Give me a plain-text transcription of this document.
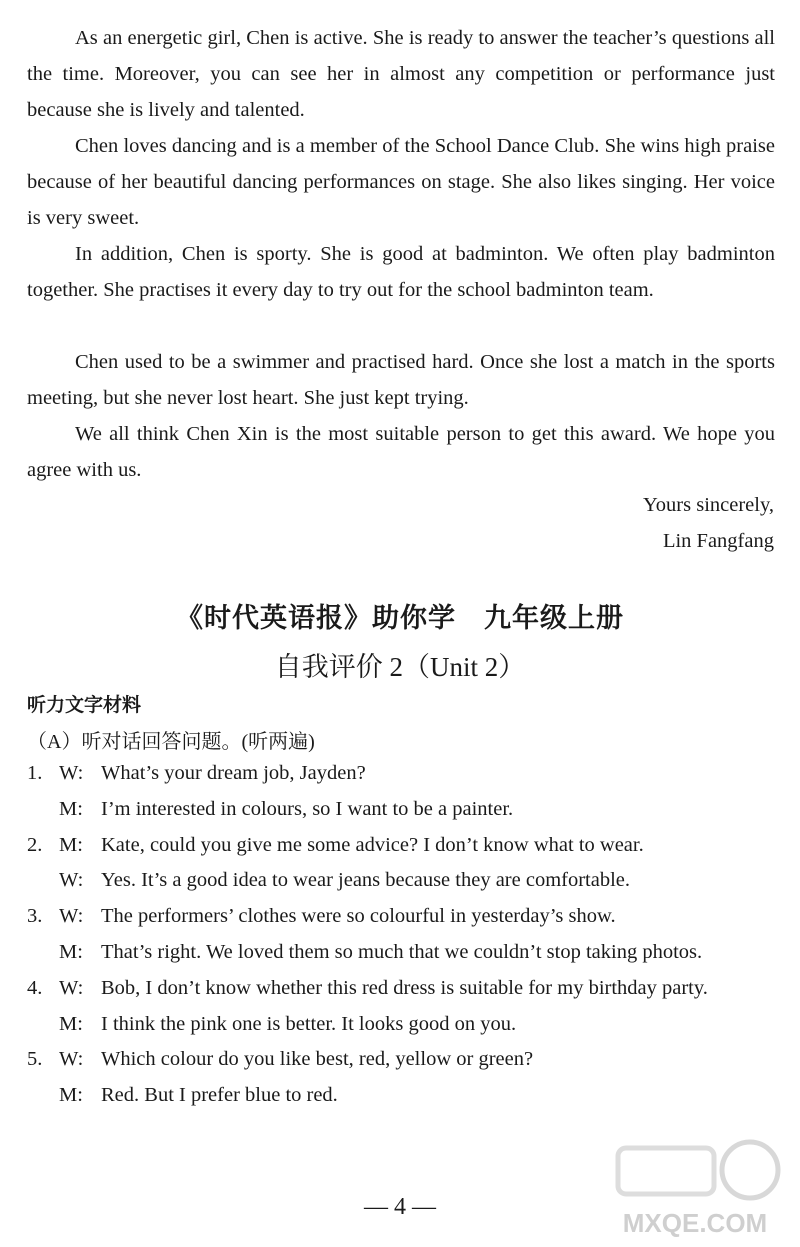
As an energetic girl, Chen is active. She is ready to answer the teacher’s questions all the time. Moreover, you can see her in almost any competition or performance just because she is lively and talented.

Chen loves dancing and is a member of the School Dance Club. She wins high praise because of her beautiful dancing performances on stage. She also likes singing. Her voice is very sweet.

In addition, Chen is sporty. She is good at badminton. We often play badminton together. She practises it every day to try out for the school badminton team.

Chen used to be a swimmer and practised hard. Once she lost a match in the sports meeting, but she never lost heart. She just kept trying.

We all think Chen Xin is the most suitable person to get this award. We hope you agree with us.

Yours sincerely,

Lin Fangfang

《时代英语报》助你学　九年级上册

自我评价 2（Unit 2）

听力文字材料

（A）听对话回答问题。(听两遍)

1. W: What’s your dream job, Jayden?
M: I’m interested in colours, so I want to be a painter.
2. M: Kate, could you give me some advice? I don’t know what to wear.
W: Yes. It’s a good idea to wear jeans because they are comfortable.
3. W: The performers’ clothes were so colourful in yesterday’s show.
M: That’s right. We loved them so much that we couldn’t stop taking photos.
4. W: Bob, I don’t know whether this red dress is suitable for my birthday party.
M: I think the pink one is better. It looks good on you.
5. W: Which colour do you like best, red, yellow or green?
M: Red. But I prefer blue to red.

— 4 —

MXQE.COM
